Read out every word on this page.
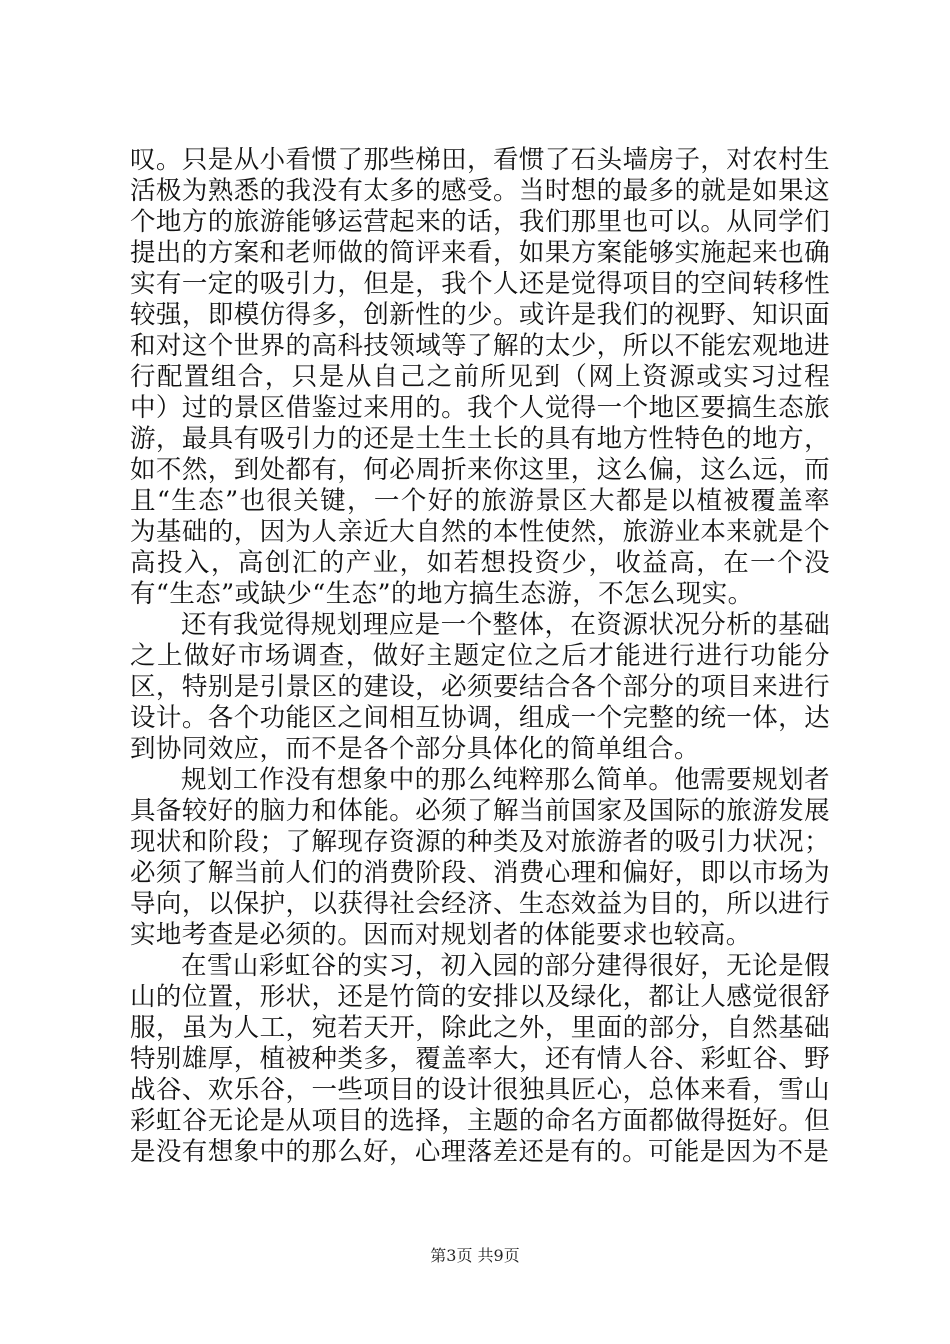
叹。只是从小看惯了那些梯田，看惯了石头墙房子，对农村生活极为熟悉的我没有太多的感受。当时想的最多的就是如果这个地方的旅游能够运营起来的话，我们那里也可以。从同学们提出的方案和老师做的简评来看，如果方案能够实施起来也确实有一定的吸引力，但是，我个人还是觉得项目的空间转移性较强，即模仿得多，创新性的少。或许是我们的视野、知识面和对这个世界的高科技领域等了解的太少，所以不能宏观地进行配置组合，只是从自己之前所见到（网上资源或实习过程中）过的景区借鉴过来用的。我个人觉得一个地区要搞生态旅游，最具有吸引力的还是土生土长的具有地方性特色的地方，如不然，到处都有，何必周折来你这里，这么偏，这么远，而且“生态”也很关键，一个好的旅游景区大都是以植被覆盖率为基础的，因为人亲近大自然的本性使然，旅游业本来就是个高投入，高创汇的产业，如若想投资少，收益高，在一个没有“生态”或缺少“生态”的地方搞生态游，不怎么现实。

还有我觉得规划理应是一个整体，在资源状况分析的基础之上做好市场调查，做好主题定位之后才能进行进行功能分区，特别是引景区的建设，必须要结合各个部分的项目来进行设计。各个功能区之间相互协调，组成一个完整的统一体，达到协同效应，而不是各个部分具体化的简单组合。

规划工作没有想象中的那么纯粹那么简单。他需要规划者具备较好的脑力和体能。必须了解当前国家及国际的旅游发展现状和阶段；了解现存资源的种类及对旅游者的吸引力状况；必须了解当前人们的消费阶段、消费心理和偏好，即以市场为导向，以保护，以获得社会经济、生态效益为目的，所以进行实地考查是必须的。因而对规划者的体能要求也较高。

在雪山彩虹谷的实习，初入园的部分建得很好，无论是假山的位置，形状，还是竹筒的安排以及绿化，都让人感觉很舒服，虽为人工，宛若天开，除此之外，里面的部分，自然基础特别雄厚，植被种类多，覆盖率大，还有情人谷、彩虹谷、野战谷、欢乐谷，一些项目的设计很独具匠心，总体来看，雪山彩虹谷无论是从项目的选择，主题的命名方面都做得挺好。但是没有想象中的那么好，心理落差还是有的。可能是因为不是

第3页 共9页
